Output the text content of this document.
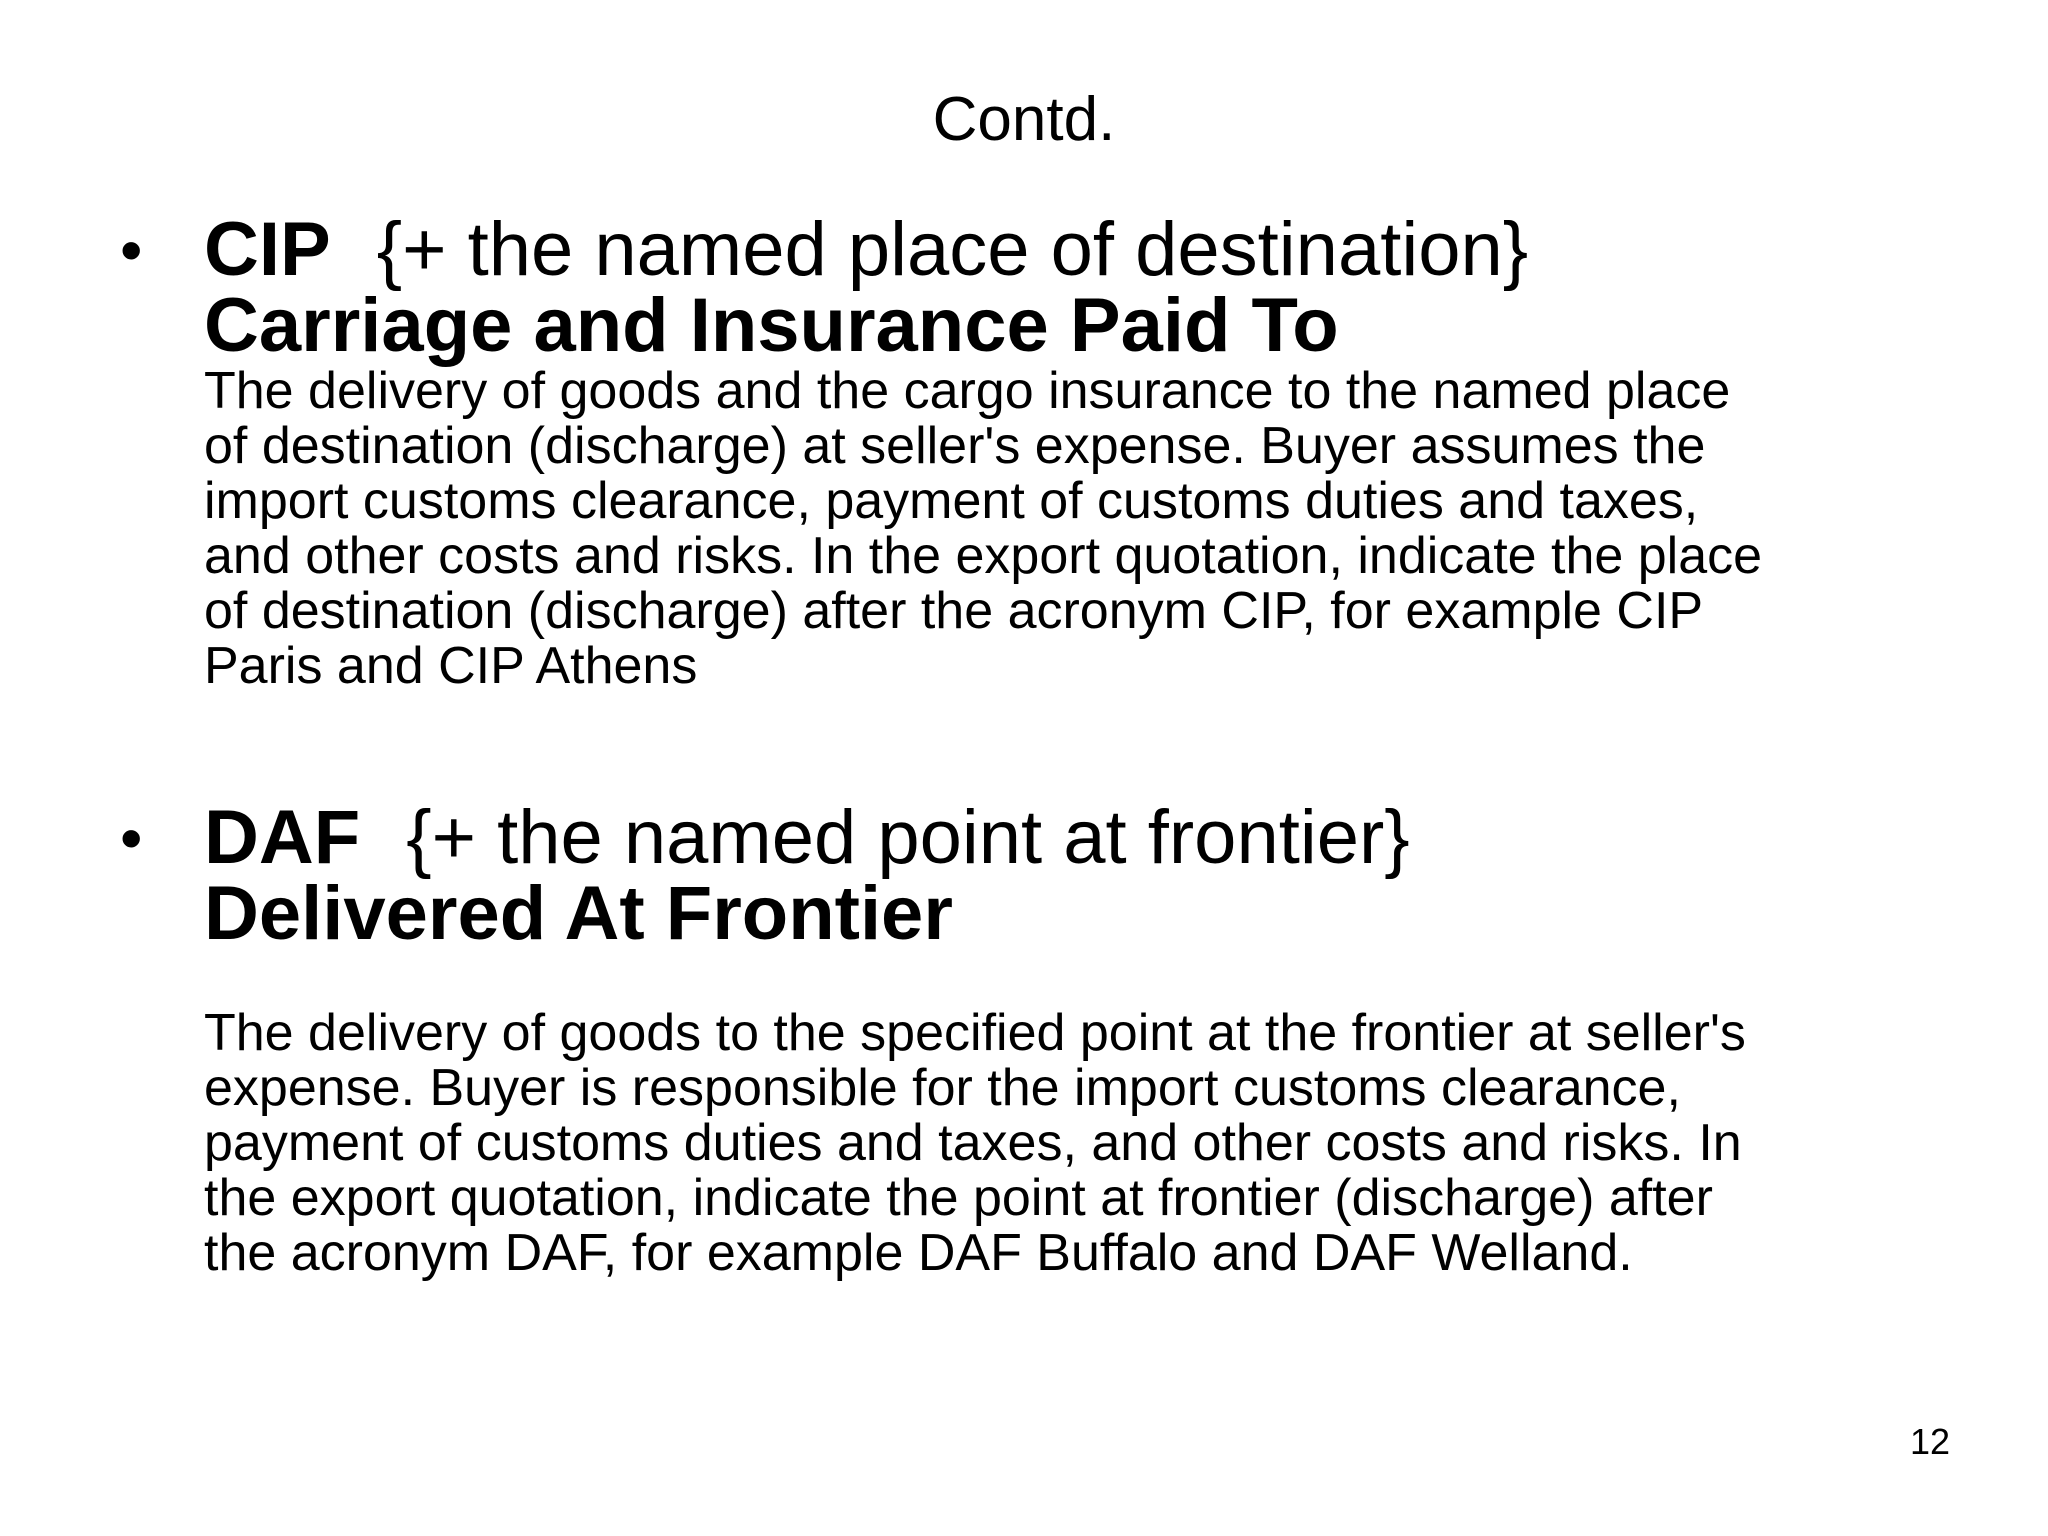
Contd.
• CIP {+ the named place of destination}
Carriage and Insurance Paid To
The delivery of goods and the cargo insurance to the named place
of destination (discharge) at seller's expense. Buyer assumes the
import customs clearance, payment of customs duties and taxes,
and other costs and risks. In the export quotation, indicate the place
of destination (discharge) after the acronym CIP, for example CIP
Paris and CIP Athens
• DAF {+ the named point at frontier}
Delivered At Frontier
The delivery of goods to the specified point at the frontier at seller's
expense. Buyer is responsible for the import customs clearance,
payment of customs duties and taxes, and other costs and risks. In
the export quotation, indicate the point at frontier (discharge) after
the acronym DAF, for example DAF Buffalo and DAF Welland.
12
